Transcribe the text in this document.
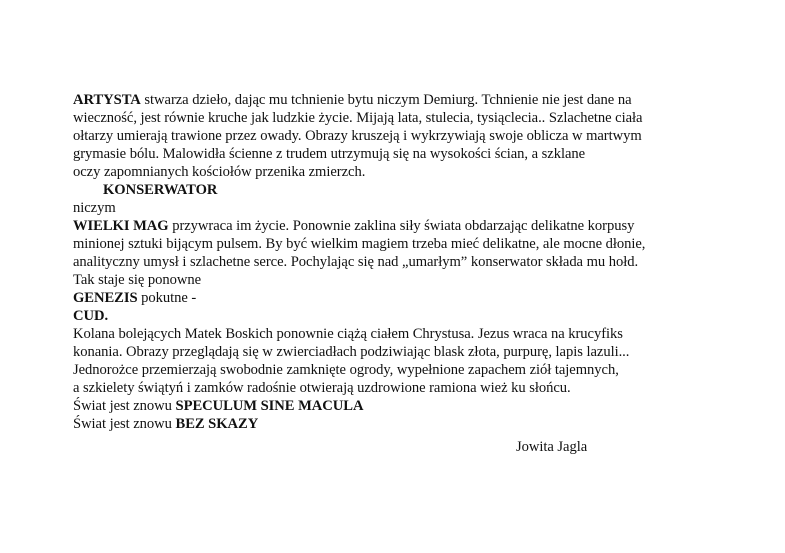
ARTYSTA stwarza dzieło, dając mu tchnienie bytu niczym Demiurg. Tchnienie nie jest dane na
wieczność, jest równie kruche jak ludzkie życie. Mijają lata, stulecia, tysiąclecia.. Szlachetne ciała
ołtarzy umierają trawione przez owady. Obrazy kruszeją i wykrzywiają swoje oblicza w martwym
grymasie bólu. Malowidła ścienne z trudem utrzymują się na wysokości ścian, a szklane
oczy zapomnianych kościołów przenika zmierzch.
KONSERWATOR
niczym
WIELKI MAG przywraca im życie. Ponownie zaklina siły świata obdarzając delikatne korpusy
minionej sztuki bijącym pulsem. By być wielkim magiem trzeba mieć delikatne, ale mocne dłonie,
analityczny umysł i szlachetne serce. Pochylając się nad „umarłym” konserwator składa mu hołd.
Tak staje się ponowne
GENEZIS pokutne -
CUD.
Kolana bolejących Matek Boskich ponownie ciążą ciałem Chrystusa. Jezus wraca na krucyfiks
konania. Obrazy przeglądają się w zwierciadłach podziwiając blask złota, purpurę, lapis lazuli...
Jednorożce przemierzają swobodnie zamknięte ogrody, wypełnione zapachem ziół tajemnych,
a szkielety świątyń i zamków radośnie otwierają uzdrowione ramiona wież ku słońcu.
Świat jest znowu SPECULUM SINE MACULA
Świat jest znowu BEZ SKAZY
Jowita Jagla
